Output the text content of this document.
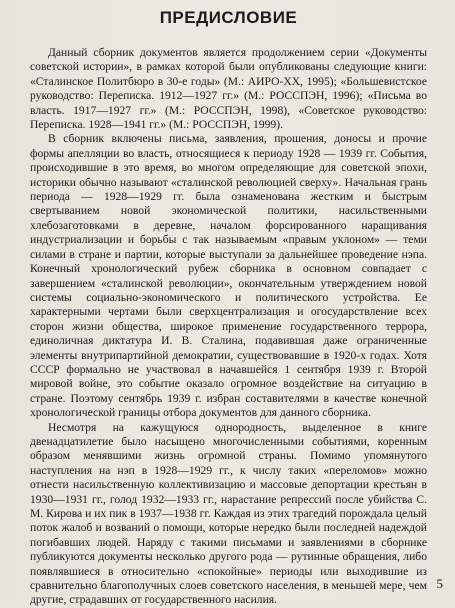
ПРЕДИСЛОВИЕ

Данный сборник документов является продолжением серии «Документы советской истории», в рамках которой были опубликованы следующие книги: «Сталинское Политбюро в 30-е годы» (М.: АИРО-XX, 1995); «Большевистское руководство: Переписка. 1912—1927 гг.» (М.: РОССПЭН, 1996); «Письма во власть. 1917—1927 гг.» (М.: РОССПЭН, 1998), «Советское руководство: Переписка. 1928—1941 гг.» (М.: РОССПЭН, 1999).

В сборник включены письма, заявления, прошения, доносы и прочие формы апелляции во власть, относящиеся к периоду 1928 — 1939 гг. События, происходившие в это время, во многом определяющие для советской эпохи, историки обычно называют «сталинской революцией сверху». Начальная грань периода — 1928—1929 гг. была ознаменована жестким и быстрым свертыванием новой экономической политики, насильственными хлебозаготовками в деревне, началом форсированного наращивания индустриализации и борьбы с так называемым «правым уклоном» — теми силами в стране и партии, которые выступали за дальнейшее проведение нэпа. Конечный хронологический рубеж сборника в основном совпадает с завершением «сталинской революции», окончательным утверждением новой системы социально-экономического и политического устройства. Ее характерными чертами были сверхцентрализация и огосударствление всех сторон жизни общества, широкое применение государственного террора, единоличная диктатура И. В. Сталина, подавившая даже ограниченные элементы внутрипартийной демократии, существовавшие в 1920-х годах. Хотя СССР формально не участвовал в начавшейся 1 сентября 1939 г. Второй мировой войне, это событие оказало огромное воздействие на ситуацию в стране. Поэтому сентябрь 1939 г. избран составителями в качестве конечной хронологической границы отбора документов для данного сборника.

Несмотря на кажущуюся однородность, выделенное в книге двенадцатилетие было насыщено многочисленными событиями, коренным образом менявшими жизнь огромной страны. Помимо упомянутого наступления на нэп в 1928—1929 гг., к числу таких «переломов» можно отнести насильственную коллективизацию и массовые депортации крестьян в 1930—1931 гг., голод 1932—1933 гг., нарастание репрессий после убийства С. М. Кирова и их пик в 1937—1938 гг. Каждая из этих трагедий порождала целый поток жалоб и возваний о помощи, которые нередко были последней надеждой погибавших людей. Наряду с такими письмами и заявлениями в сборнике публикуются документы несколько другого рода — рутинные обращения, либо появлявшиеся в относительно «спокойные» периоды или выходившие из сравнительно благополучных слоев советского населения, в меньшей мере, чем другие, страдавших от государственного насилия.

5
